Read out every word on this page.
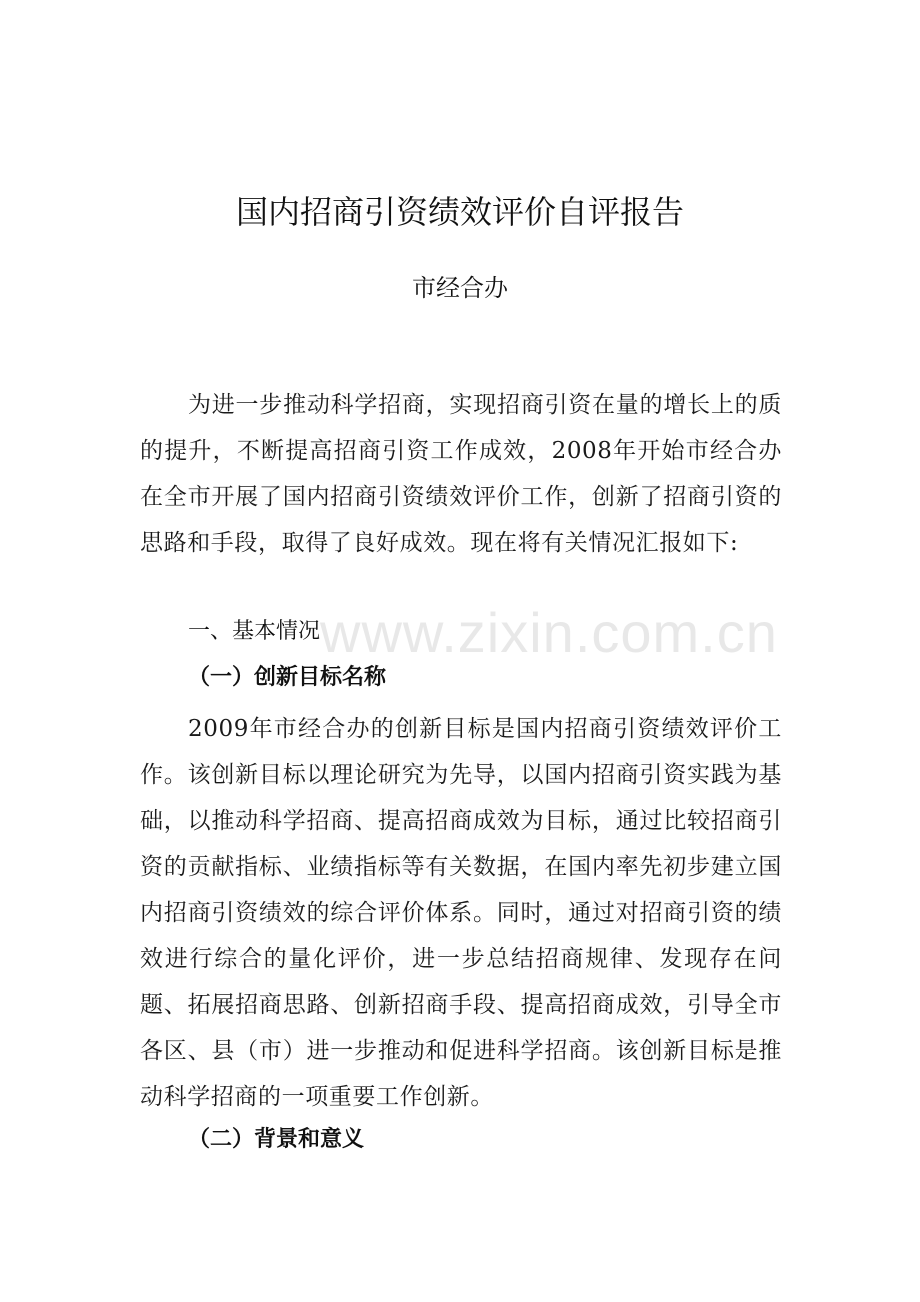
国内招商引资绩效评价自评报告
市经合办

为进一步推动科学招商，实现招商引资在量的增长上的质的提升，不断提高招商引资工作成效，2008年开始市经合办在全市开展了国内招商引资绩效评价工作，创新了招商引资的思路和手段，取得了良好成效。现在将有关情况汇报如下:

一、基本情况
（一）创新目标名称

2009年市经合办的创新目标是国内招商引资绩效评价工作。该创新目标以理论研究为先导，以国内招商引资实践为基础，以推动科学招商、提高招商成效为目标，通过比较招商引资的贡献指标、业绩指标等有关数据，在国内率先初步建立国内招商引资绩效的综合评价体系。同时，通过对招商引资的绩效进行综合的量化评价，进一步总结招商规律、发现存在问题、拓展招商思路、创新招商手段、提高招商成效，引导全市各区、县（市）进一步推动和促进科学招商。该创新目标是推动科学招商的一项重要工作创新。

（二）背景和意义
www.zixin.com.cn
